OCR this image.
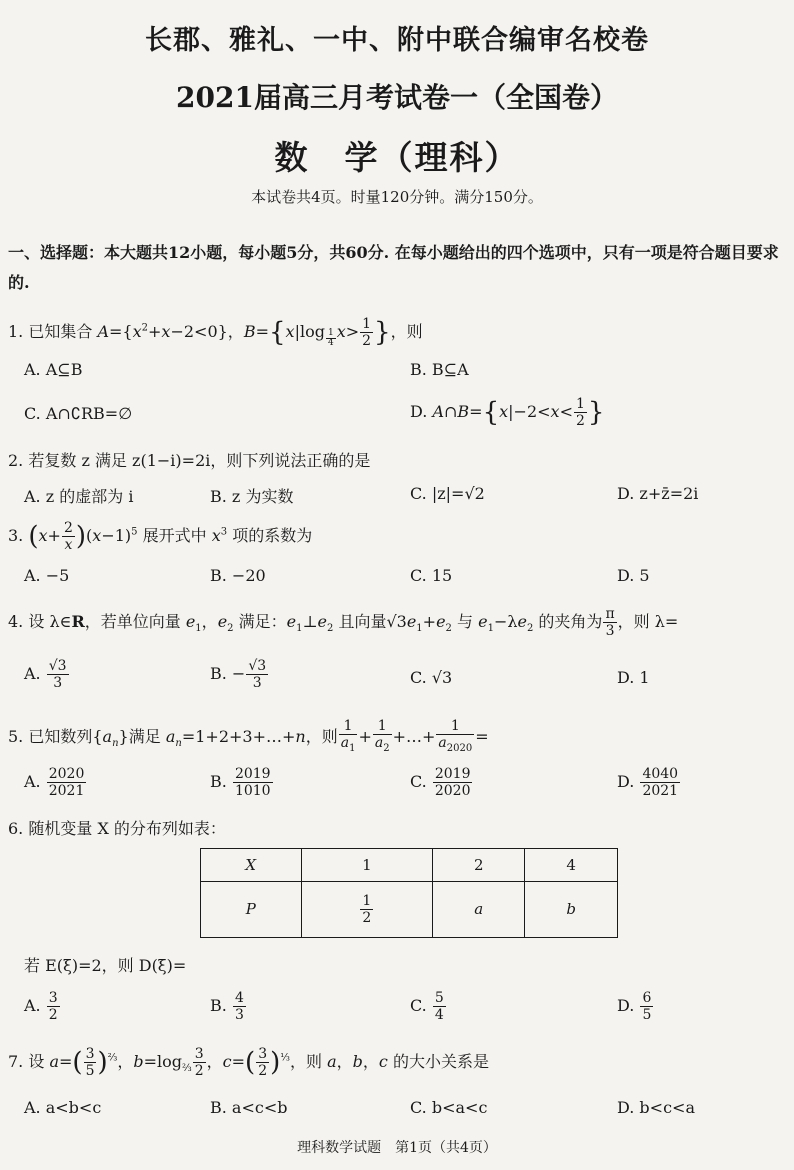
长郡、雅礼、一中、附中联合编审名校卷
2021届高三月考试卷一（全国卷）
数　学（理科）
本试卷共4页。时量120分钟。满分150分。
一、选择题：本大题共12小题，每小题5分，共60分. 在每小题给出的四个选项中，只有一项是符合题目要求的.
1. 已知集合 $A=\{x^2+x-2<0\}$，B={x|log $_{\frac{1}{4}}$ $x> \frac{1}{2}$ }，则
A. A⊆B	B. B⊆A
C. A∩∁RB=∅	D. A∩B={x|−2<x< $\frac{1}{2}$ }
2. 若复数 z 满足 z(1−i)=2i，则下列说法正确的是
A. z 的虚部为 i	B. z 为实数	C. |z|=√2	D. z+z̄=2i
3. $(x+ \frac{2}{x} )(x-1)^5$ 展开式中 $x^3$ 项的系数为
A. −5	B. −20	C. 15	D. 5
4. 设 λ∈R，若单位向量 $e_1$，$e_2$ 满足：$e_1\perp e_2$ 且向量$√3e_1+e_2$ 与 $e_1-\lambda e_2$ 的夹角为 $\frac{\pi}{3}$ ，则 λ=
A. $\frac{√3}{3}$	B. − $\frac{√3}{3}$	C. √3	D. 1
5. 已知数列$\{a_n\}$满足 $a_n=1+2+3+\dots+n$，则 $\frac{1}{a_1} + \frac{1}{a_2}$ +…+ $\frac{1}{a_{2020}}$ =
A. $\frac{2020}{2021}$	B. $\frac{2019}{1010}$	C. $\frac{2019}{2020}$	D. $\frac{4040}{2021}$
6. 随机变量 X 的分布列如表：
X	1	2	4
P	$\frac{1}{2}$	a	b
若 E(ξ)=2，则 D(ξ)=
A. $\frac{3}{2}$	B. $\frac{4}{3}$	C. $\frac{5}{4}$	D. $\frac{6}{5}$
7. 设 $a=( \frac{3}{5} )^{\frac{2}{3}}$，$b=\log_{\frac{2}{3}} \frac{3}{2}$ ，$c=( \frac{3}{2} )^{\frac{1}{3}}$，则 a，b，c 的大小关系是
A. a<b<c	B. a<c<b	C. b<a<c	D. b<c<a
理科数学试题　第1页（共4页）
